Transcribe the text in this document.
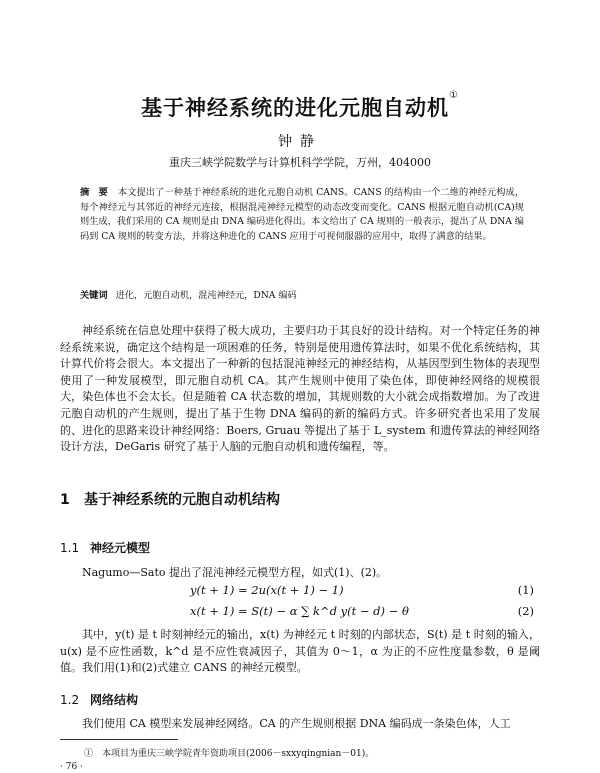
基于神经系统的进化元胞自动机①
钟静
重庆三峡学院数学与计算机科学学院，万州，404000
摘　要 本文提出了一种基于神经系统的进化元胞自动机 CANS。CANS 的结构由一个二维的神经元构成，每个神经元与其邻近的神经元连接，根据混沌神经元模型的动态改变而变化。CANS 根据元胞自动机(CA)规则生成，我们采用的 CA 规则是由 DNA 编码进化得出。本文给出了 CA 规则的一般表示，提出了从 DNA 编码到 CA 规则的转变方法，并将这种进化的 CANS 应用于可视伺服器的应用中，取得了满意的结果。
关键词 进化，元胞自动机，混沌神经元，DNA 编码
神经系统在信息处理中获得了极大成功，主要归功于其良好的设计结构。对一个特定任务的神经系统来说，确定这个结构是一项困难的任务，特别是使用遗传算法时，如果不优化系统结构，其计算代价将会很大。本文提出了一种新的包括混沌神经元的神经结构，从基因型到生物体的表现型使用了一种发展模型，即元胞自动机 CA。其产生规则中使用了染色体，即使神经网络的规模很大，染色体也不会太长。但是随着 CA 状态数的增加，其规则数的大小就会成指数增加。为了改进元胞自动机的产生规则，提出了基于生物 DNA 编码的新的编码方式。许多研究者也采用了发展的、进化的思路来设计神经网络：Boers, Gruau 等提出了基于 L_system 和遗传算法的神经网络设计方法，DeGaris 研究了基于人脑的元胞自动机和遗传编程，等。
1 基于神经系统的元胞自动机结构
1.1 神经元模型
Nagumo—Sato 提出了混沌神经元模型方程，如式(1)、(2)。
y(t + 1) = 2u(x(t + 1) − 1)	(1)
x(t + 1) = S(t) − α ∑ k^d y(t − d) − θ	(2)
其中，y(t) 是 t 时刻神经元的输出，x(t) 为神经元 t 时刻的内部状态，S(t) 是 t 时刻的输入，u(x) 是不应性函数，k^d 是不应性衰减因子，其值为 0～1，α 为正的不应性度量参数，θ 是阈值。我们用(1)和(2)式建立 CANS 的神经元模型。
1.2 网络结构
我们使用 CA 模型来发展神经网络。CA 的产生规则根据 DNA 编码成一条染色体，人工
①　本项目为重庆三峡学院青年资助项目(2006－sxxyqingnian－01)。
· 76 ·
